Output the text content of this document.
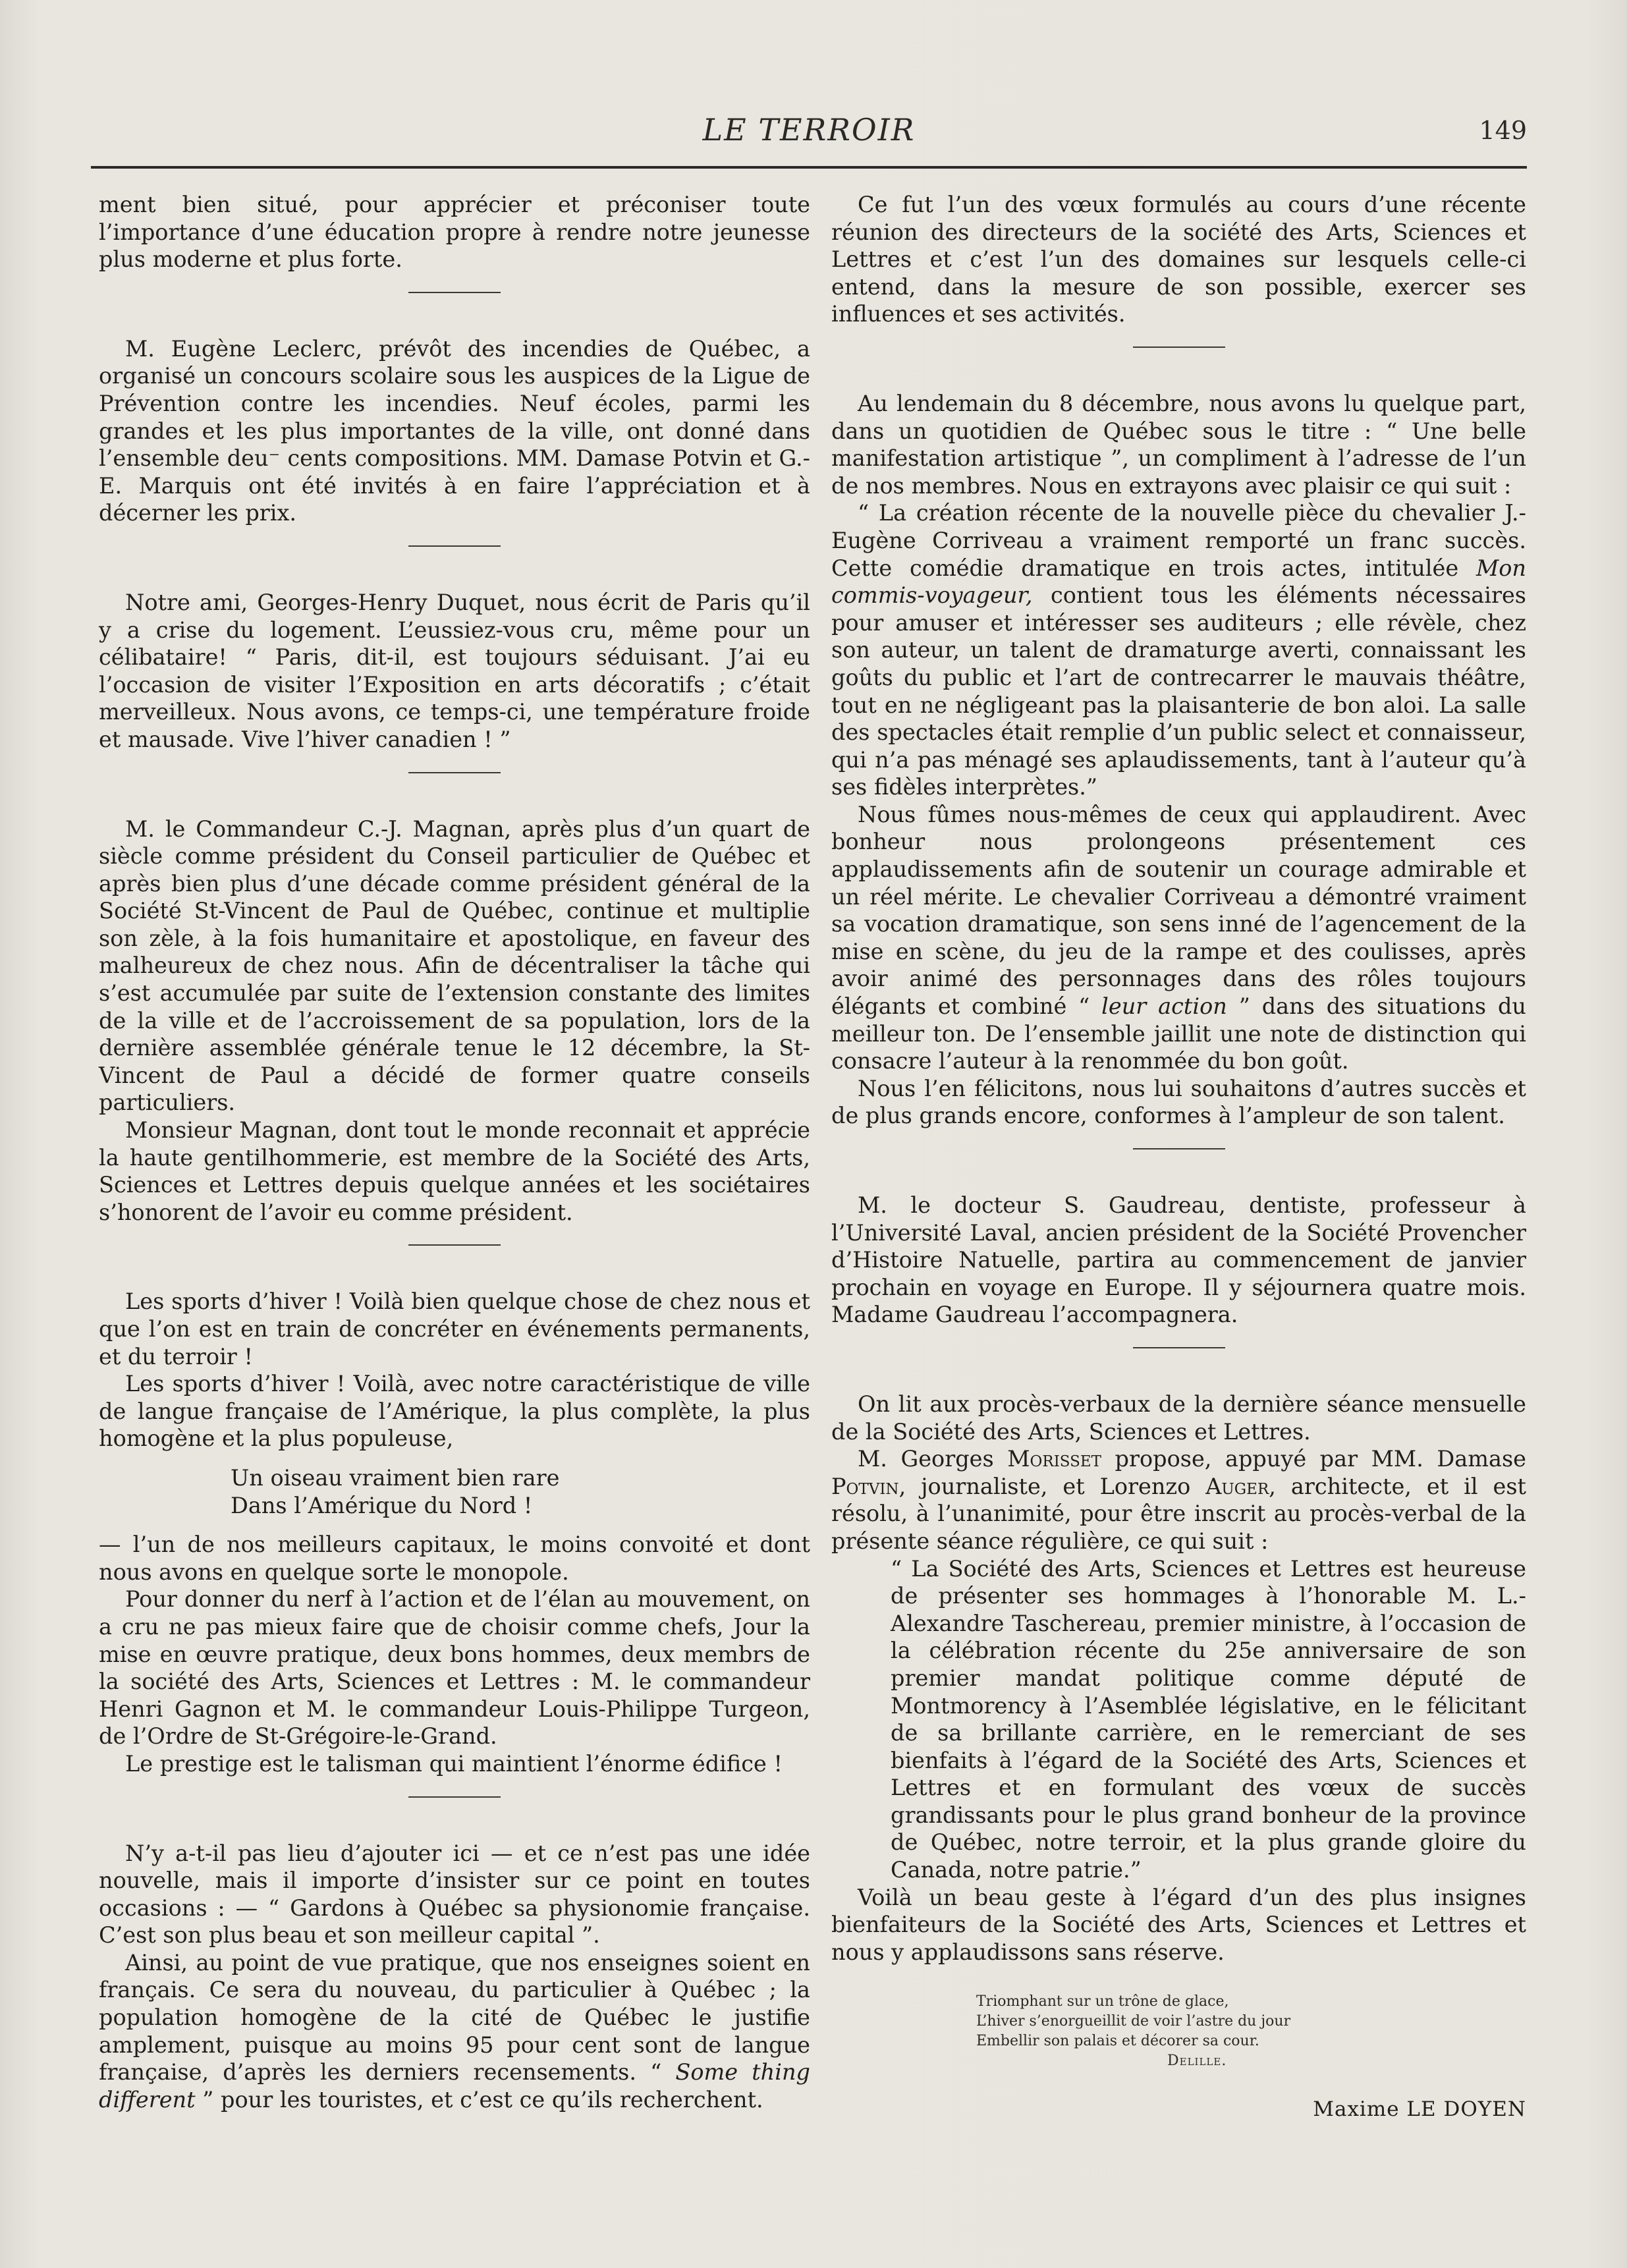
LE TERROIR	149

ment bien situé, pour apprécier et préconiser toute l’importance d’une éducation propre à rendre notre jeunesse plus moderne et plus forte.

M. Eugène Leclerc, prévôt des incendies de Québec, a organisé un concours scolaire sous les auspices de la Ligue de Prévention contre les incendies. Neuf écoles, parmi les grandes et les plus importantes de la ville, ont donné dans l’ensemble deu⁻ cents compositions. MM. Damase Potvin et G.-E. Marquis ont été invités à en faire l’appréciation et à décerner les prix.

Notre ami, Georges-Henry Duquet, nous écrit de Paris qu’il y a crise du logement. L’eussiez-vous cru, même pour un célibataire! “ Paris, dit-il, est toujours séduisant. J’ai eu l’occasion de visiter l’Exposition en arts décoratifs ; c’était merveilleux. Nous avons, ce temps-ci, une température froide et mausade. Vive l’hiver canadien ! ”

M. le Commandeur C.-J. Magnan, après plus d’un quart de siècle comme président du Conseil particulier de Québec et après bien plus d’une décade comme président général de la Société St-Vincent de Paul de Québec, continue et multiplie son zèle, à la fois humanitaire et apostolique, en faveur des malheureux de chez nous. Afin de décentraliser la tâche qui s’est accumulée par suite de l’extension constante des limites de la ville et de l’accroissement de sa population, lors de la dernière assemblée générale tenue le 12 décembre, la St-Vincent de Paul a décidé de former quatre conseils particuliers.

Monsieur Magnan, dont tout le monde reconnait et apprécie la haute gentilhommerie, est membre de la Société des Arts, Sciences et Lettres depuis quelque années et les sociétaires s’honorent de l’avoir eu comme président.

Les sports d’hiver ! Voilà bien quelque chose de chez nous et que l’on est en train de concréter en événements permanents, et du terroir !

Les sports d’hiver ! Voilà, avec notre caractéristique de ville de langue française de l’Amérique, la plus complète, la plus homogène et la plus populeuse,

Un oiseau vraiment bien rare
Dans l’Amérique du Nord !

— l’un de nos meilleurs capitaux, le moins convoité et dont nous avons en quelque sorte le monopole.

Pour donner du nerf à l’action et de l’élan au mouvement, on a cru ne pas mieux faire que de choisir comme chefs, Jour la mise en œuvre pratique, deux bons hommes, deux membrs de la société des Arts, Sciences et Lettres : M. le commandeur Henri Gagnon et M. le commandeur Louis-Philippe Turgeon, de l’Ordre de St-Grégoire-le-Grand.

Le prestige est le talisman qui maintient l’énorme édifice !

N’y a-t-il pas lieu d’ajouter ici — et ce n’est pas une idée nouvelle, mais il importe d’insister sur ce point en toutes occasions : — “ Gardons à Québec sa physionomie française. C’est son plus beau et son meilleur capital ”.

Ainsi, au point de vue pratique, que nos enseignes soient en français. Ce sera du nouveau, du particulier à Québec ; la population homogène de la cité de Québec le justifie amplement, puisque au moins 95 pour cent sont de langue française, d’après les derniers recensements. “ Some thing different ” pour les touristes, et c’est ce qu’ils recherchent.

Ce fut l’un des vœux formulés au cours d’une récente réunion des directeurs de la société des Arts, Sciences et Lettres et c’est l’un des domaines sur lesquels celle-ci entend, dans la mesure de son possible, exercer ses influences et ses activités.

Au lendemain du 8 décembre, nous avons lu quelque part, dans un quotidien de Québec sous le titre : “ Une belle manifestation artistique ”, un compliment à l’adresse de l’un de nos membres. Nous en extrayons avec plaisir ce qui suit :

“ La création récente de la nouvelle pièce du chevalier J.-Eugène Corriveau a vraiment remporté un franc succès. Cette comédie dramatique en trois actes, intitulée Mon commis-voyageur, contient tous les éléments nécessaires pour amuser et intéresser ses auditeurs ; elle révèle, chez son auteur, un talent de dramaturge averti, connaissant les goûts du public et l’art de contrecarrer le mauvais théâtre, tout en ne négligeant pas la plaisanterie de bon aloi. La salle des spectacles était remplie d’un public select et connaisseur, qui n’a pas ménagé ses aplaudissements, tant à l’auteur qu’à ses fidèles interprètes.”

Nous fûmes nous-mêmes de ceux qui applaudirent. Avec bonheur nous prolongeons présentement ces applaudissements afin de soutenir un courage admirable et un réel mérite. Le chevalier Corriveau a démontré vraiment sa vocation dramatique, son sens inné de l’agencement de la mise en scène, du jeu de la rampe et des coulisses, après avoir animé des personnages dans des rôles toujours élégants et combiné “ leur action ” dans des situations du meilleur ton. De l’ensemble jaillit une note de distinction qui consacre l’auteur à la renommée du bon goût.

Nous l’en félicitons, nous lui souhaitons d’autres succès et de plus grands encore, conformes à l’ampleur de son talent.

M. le docteur S. Gaudreau, dentiste, professeur à l’Université Laval, ancien président de la Société Provencher d’Histoire Natuelle, partira au commencement de janvier prochain en voyage en Europe. Il y séjournera quatre mois. Madame Gaudreau l’accompagnera.

On lit aux procès-verbaux de la dernière séance mensuelle de la Société des Arts, Sciences et Lettres.

M. Georges Morisset propose, appuyé par MM. Damase Potvin, journaliste, et Lorenzo Auger, architecte, et il est résolu, à l’unanimité, pour être inscrit au procès-verbal de la présente séance régulière, ce qui suit :

“ La Société des Arts, Sciences et Lettres est heureuse de présenter ses hommages à l’honorable M. L.-Alexandre Taschereau, premier ministre, à l’occasion de la célébration récente du 25e anniversaire de son premier mandat politique comme député de Montmorency à l’Asemblée législative, en le félicitant de sa brillante carrière, en le remerciant de ses bienfaits à l’égard de la Société des Arts, Sciences et Lettres et en formulant des vœux de succès grandissants pour le plus grand bonheur de la province de Québec, notre terroir, et la plus grande gloire du Canada, notre patrie.”

Voilà un beau geste à l’égard d’un des plus insignes bienfaiteurs de la Société des Arts, Sciences et Lettres et nous y applaudissons sans réserve.

Triomphant sur un trône de glace,
L’hiver s’enorgueillit de voir l’astre du jour
Embellir son palais et décorer sa cour.
Delille.
Maxime LE DOYEN
